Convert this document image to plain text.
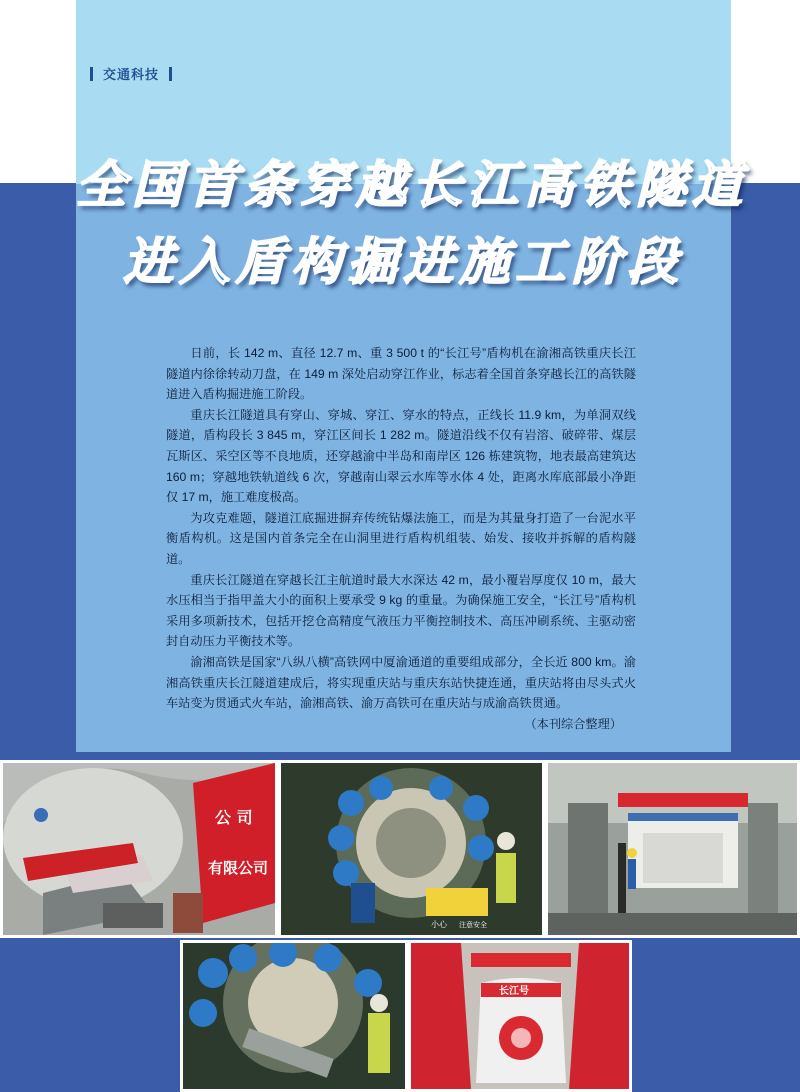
交通科技
全国首条穿越长江高铁隧道
进入盾构掘进施工阶段

日前，长 142 m、直径 12.7 m、重 3 500 t 的“长江号”盾构机在渝湘高铁重庆长江隧道内徐徐转动刀盘，在 149 m 深处启动穿江作业，标志着全国首条穿越长江的高铁隧道进入盾构掘进施工阶段。

重庆长江隧道具有穿山、穿城、穿江、穿水的特点，正线长 11.9 km，为单洞双线隧道，盾构段长 3 845 m，穿江区间长 1 282 m。隧道沿线不仅有岩溶、破碎带、煤层瓦斯区、采空区等不良地质，还穿越渝中半岛和南岸区 126 栋建筑物，地表最高建筑达 160 m；穿越地铁轨道线 6 次，穿越南山翠云水库等水体 4 处，距离水库底部最小净距仅 17 m，施工难度极高。

为攻克难题，隧道江底掘进摒弃传统钻爆法施工，而是为其量身打造了一台泥水平衡盾构机。这是国内首条完全在山洞里进行盾构机组装、始发、接收并拆解的盾构隧道。

重庆长江隧道在穿越长江主航道时最大水深达 42 m，最小覆岩厚度仅 10 m，最大水压相当于指甲盖大小的面积上要承受 9 kg 的重量。为确保施工安全，“长江号”盾构机采用多项新技术，包括开挖仓高精度气液压力平衡控制技术、高压冲刷系统、主驱动密封自动压力平衡技术等。

渝湘高铁是国家“八纵八横”高铁网中厦渝通道的重要组成部分，全长近 800 km。渝湘高铁重庆长江隧道建成后，将实现重庆站与重庆东站快捷连通，重庆站将由尽头式火车站变为贯通式火车站，渝湘高铁、渝万高铁可在重庆站与成渝高铁贯通。

（本刊综合整理）

公 司
有限公司
小心 注意安全
长江号
